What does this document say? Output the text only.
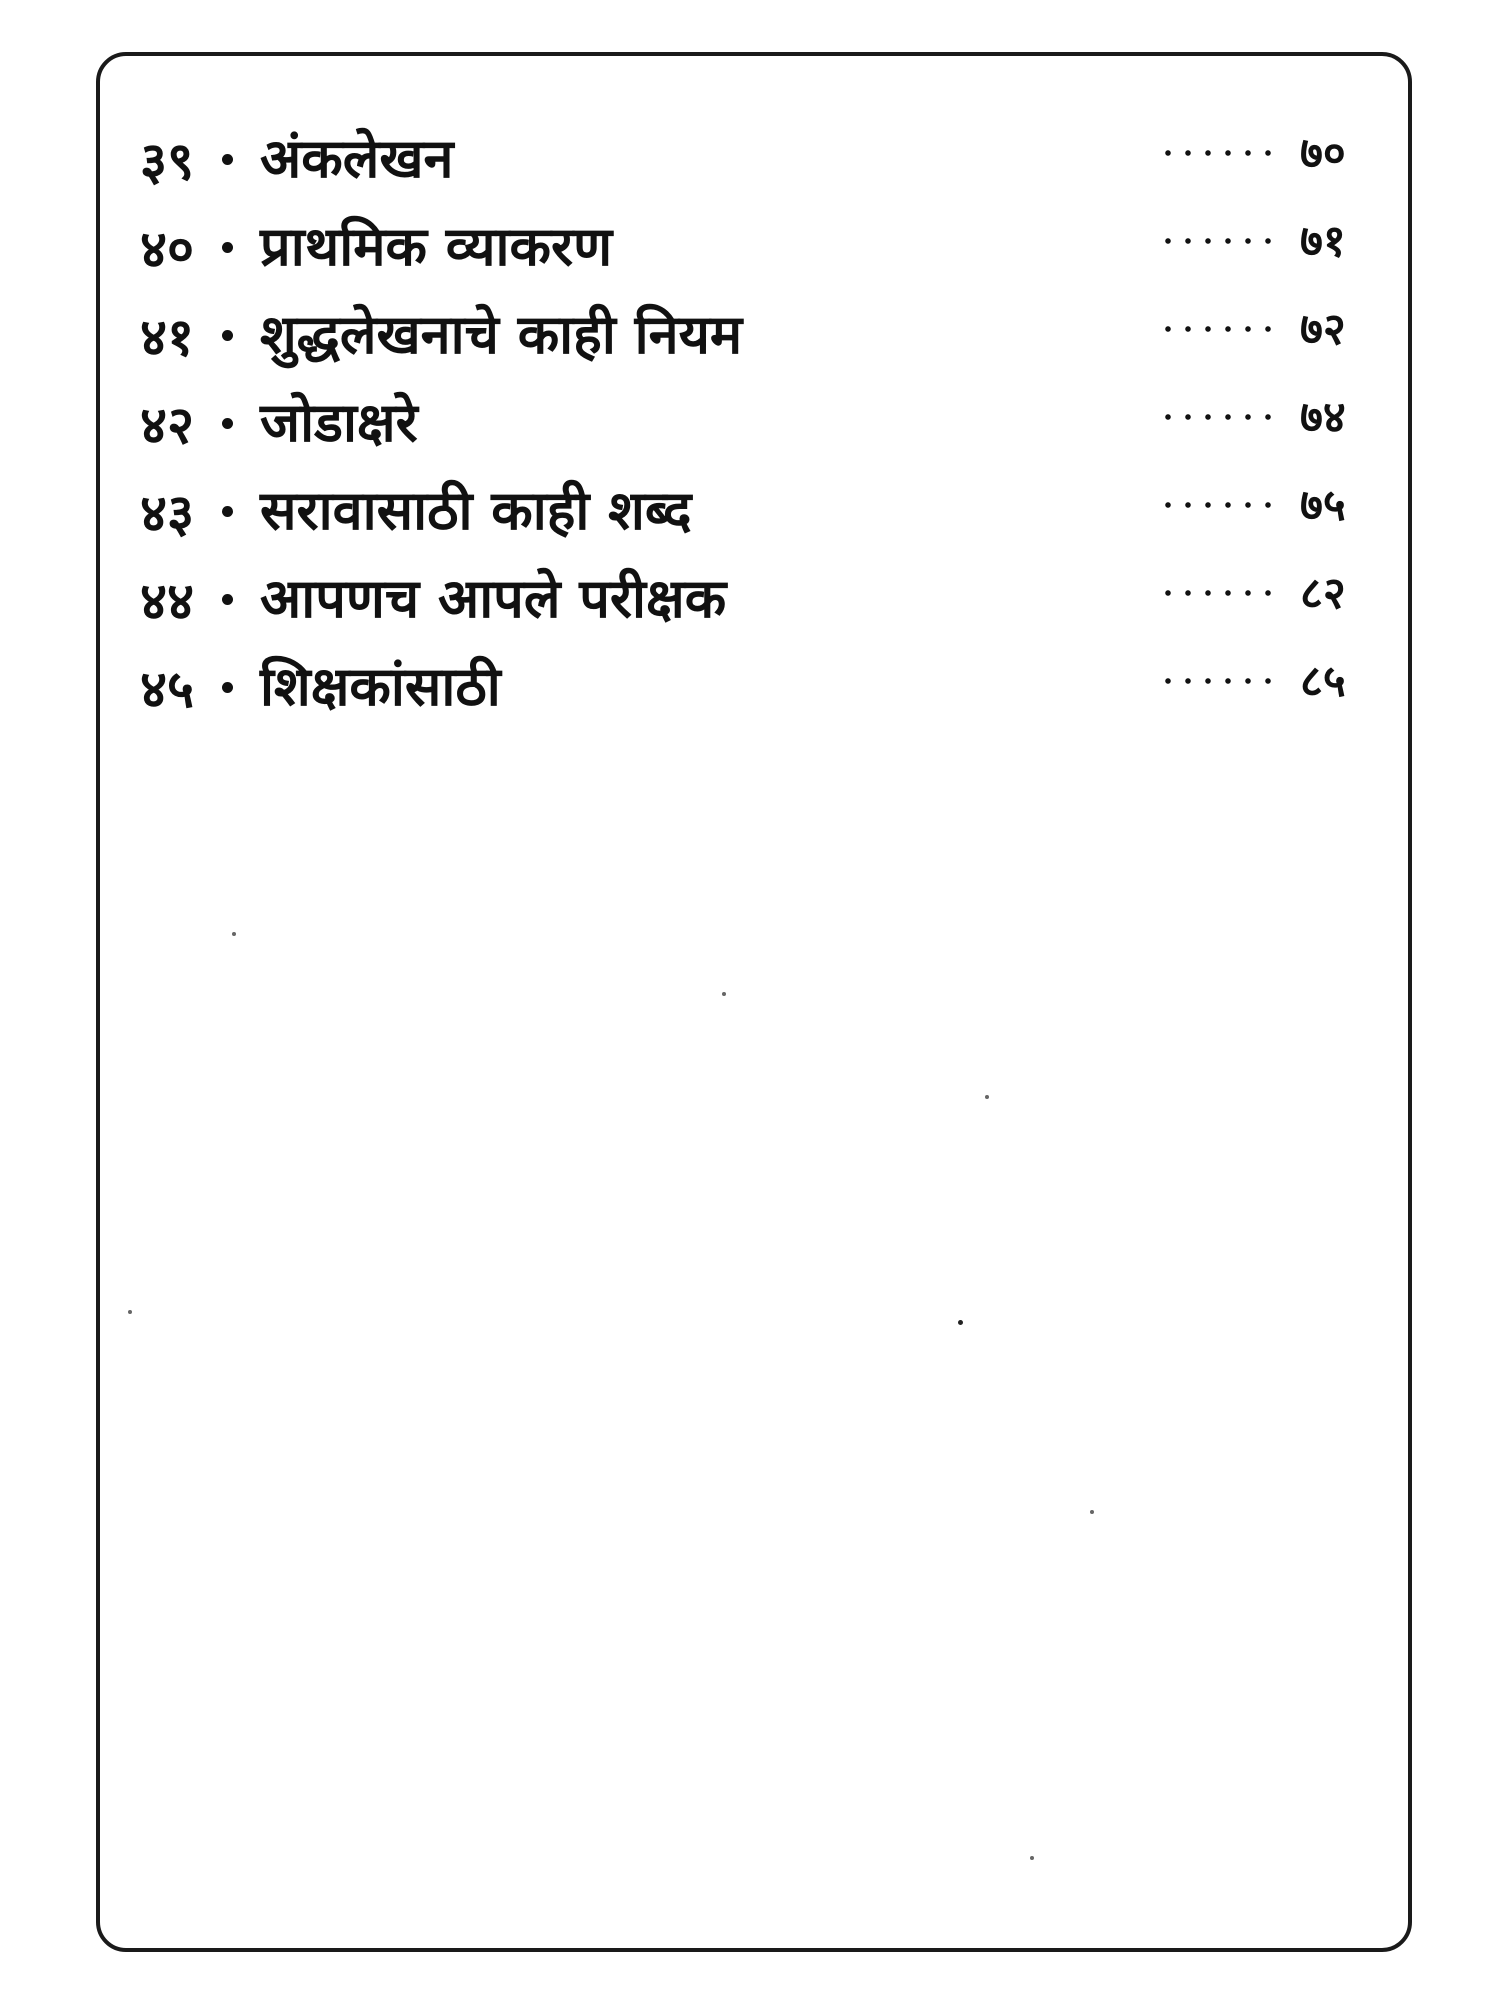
३९	अंकलेखन	७०
४०	प्राथमिक व्याकरण	७१
४१	शुद्धलेखनाचे काही नियम	७२
४२	जोडाक्षरे	७४
४३	सरावासाठी काही शब्द	७५
४४	आपणच आपले परीक्षक	८२
४५	शिक्षकांसाठी	८५
